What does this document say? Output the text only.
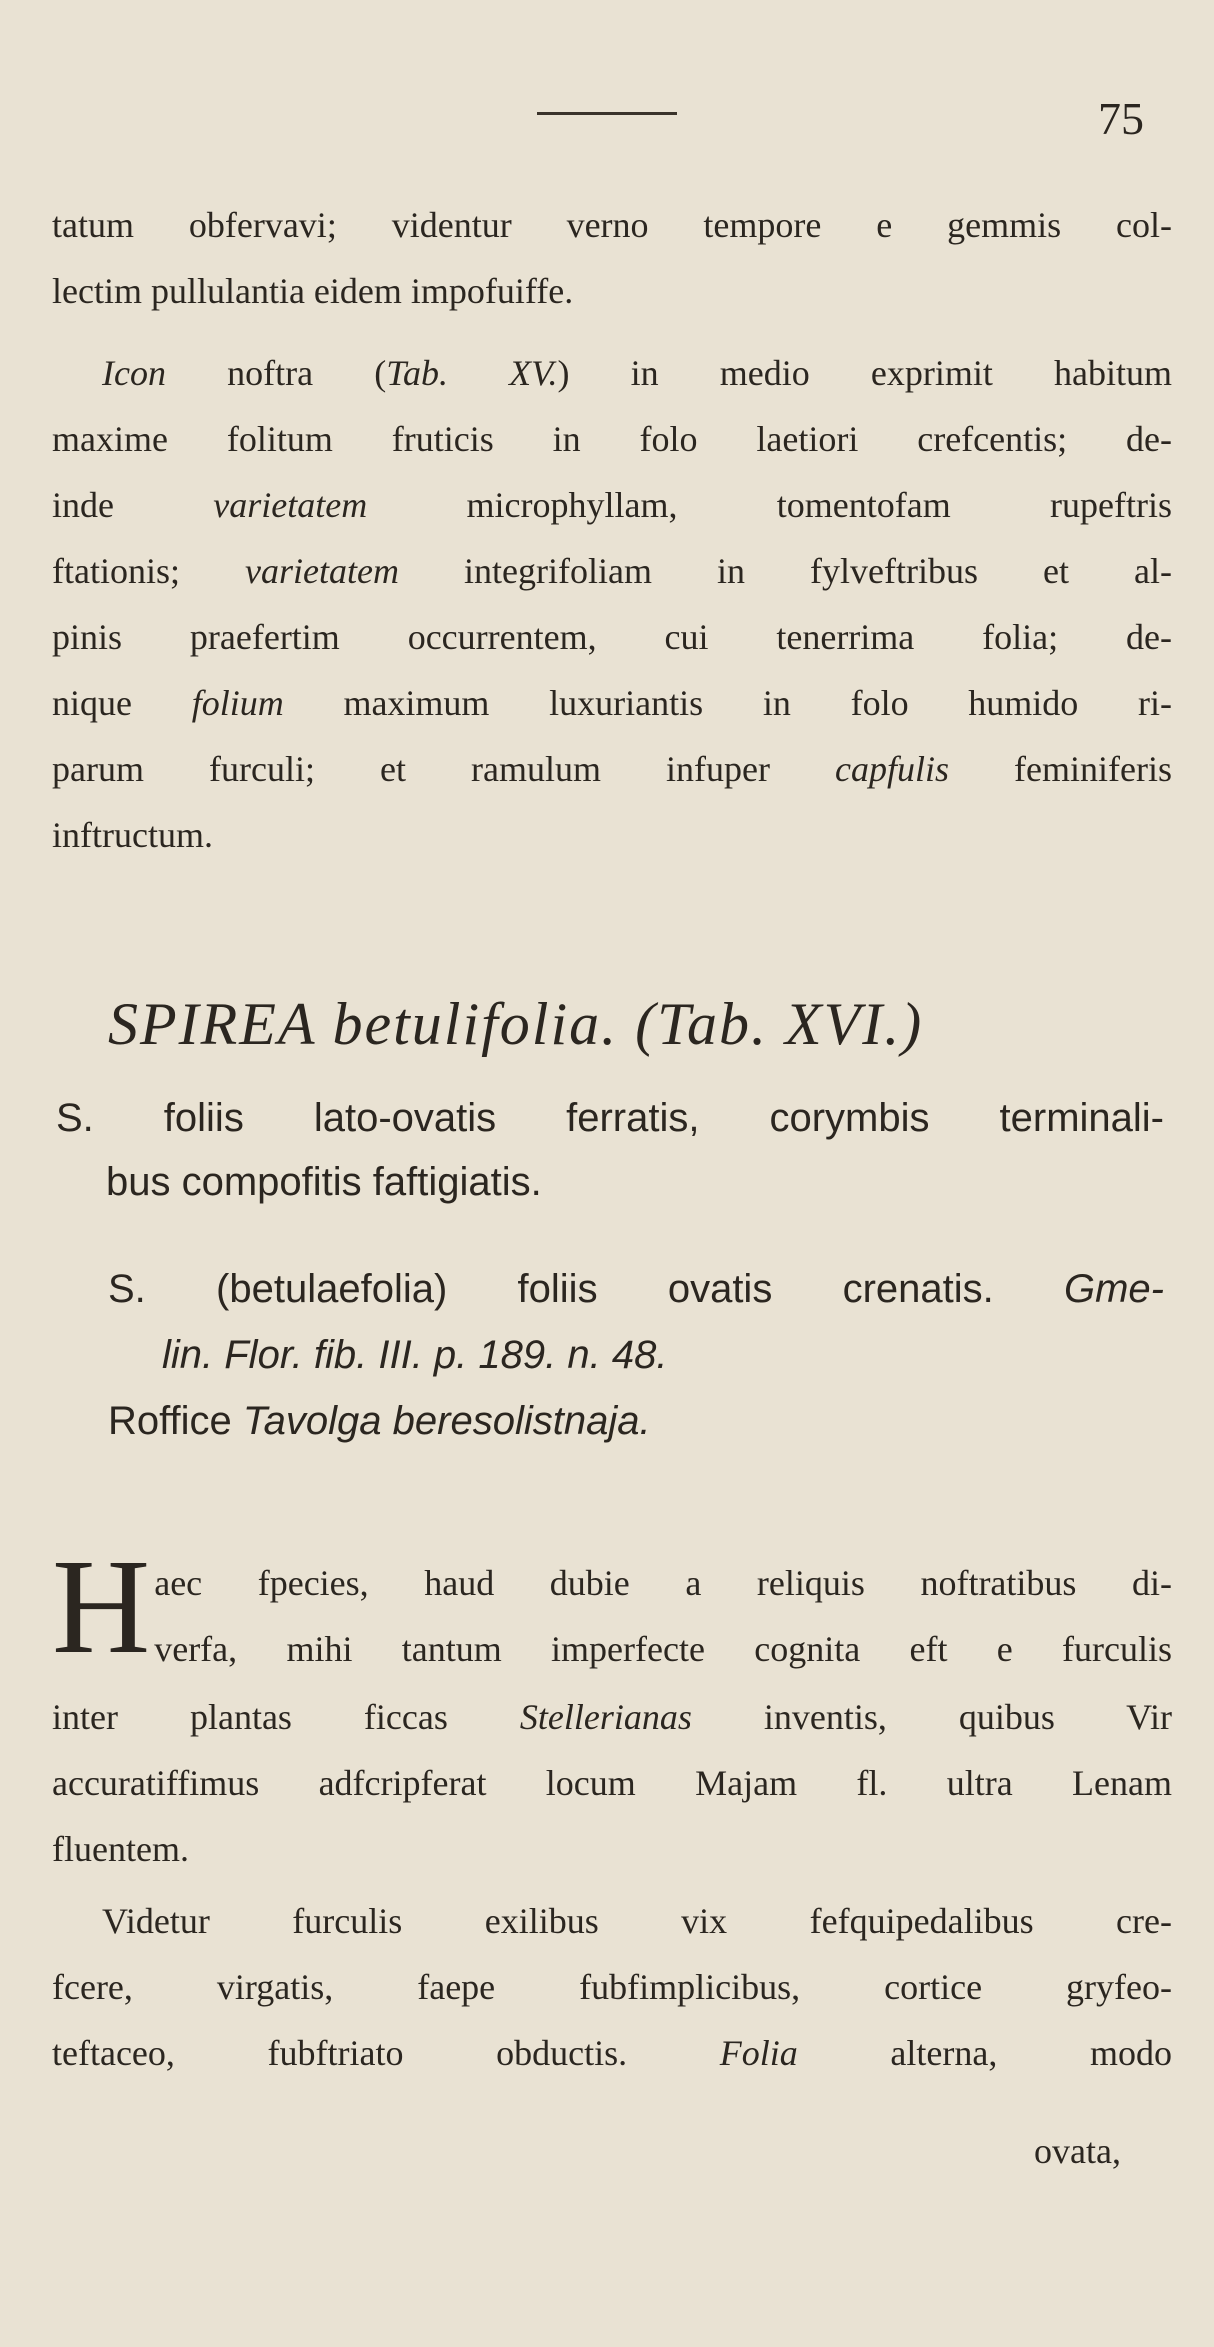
75
tatum obfervavi; videntur verno tempore e gemmis col-
lectim pullulantia eidem impofuiffe.
Icon noftra (Tab. XV.) in medio exprimit habitum
maxime folitum fruticis in folo laetiori crefcentis; de-
inde varietatem microphyllam, tomentofam rupeftris
ftationis; varietatem integrifoliam in fylveftribus et al-
pinis praefertim occurrentem, cui tenerrima folia; de-
nique folium maximum luxuriantis in folo humido ri-
parum furculi; et ramulum infuper capfulis feminiferis
inftructum.
SPIREA betulifolia. (Tab. XVI.)
S. foliis lato-ovatis ferratis, corymbis terminali-
bus compofitis faftigiatis.
S. (betulaefolia) foliis ovatis crenatis. Gme-
lin. Flor. fib. III. p. 189. n. 48.
Roffice Tavolga beresolistnaja.
H aec fpecies, haud dubie a reliquis noftratibus di-
verfa, mihi tantum imperfecte cognita eft e furculis
inter plantas ficcas Stellerianas inventis, quibus Vir
accuratiffimus adfcripferat locum Majam fl. ultra Lenam
fluentem.
Videtur furculis exilibus vix fefquipedalibus cre-
fcere, virgatis, faepe fubfimplicibus, cortice gryfeo-
teftaceo, fubftriato obductis. Folia alterna, modo
ovata,
